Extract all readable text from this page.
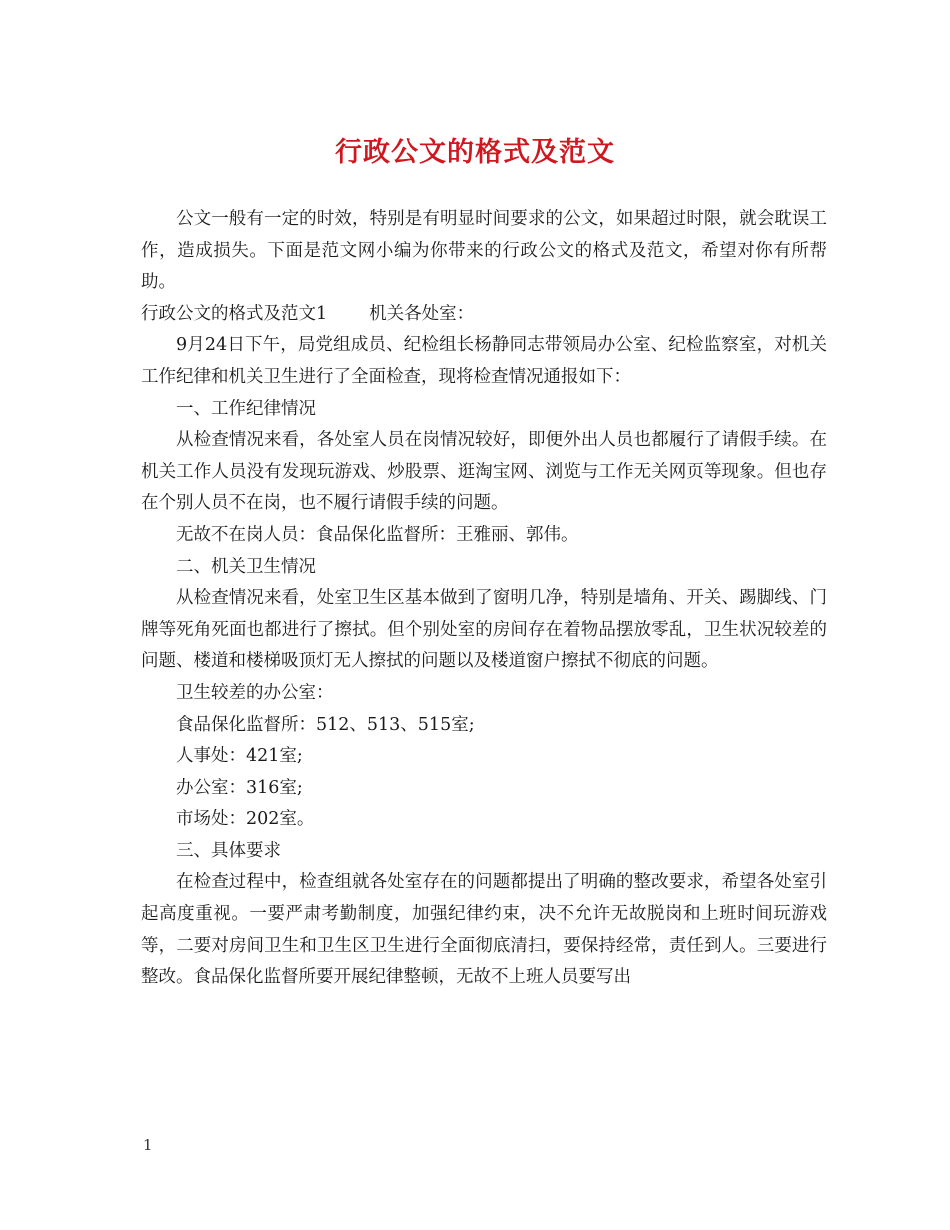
行政公文的格式及范文

公文一般有一定的时效，特别是有明显时间要求的公文，如果超过时限，就会耽误工作，造成损失。下面是范文网小编为你带来的行政公文的格式及范文，希望对你有所帮助。

行政公文的格式及范文1 机关各处室：

9月24日下午，局党组成员、纪检组长杨静同志带领局办公室、纪检监察室，对机关工作纪律和机关卫生进行了全面检查，现将检查情况通报如下：

一、工作纪律情况

从检查情况来看，各处室人员在岗情况较好，即便外出人员也都履行了请假手续。在机关工作人员没有发现玩游戏、炒股票、逛淘宝网、浏览与工作无关网页等现象。但也存在个别人员不在岗，也不履行请假手续的问题。

无故不在岗人员：食品保化监督所：王雅丽、郭伟。

二、机关卫生情况

从检查情况来看，处室卫生区基本做到了窗明几净，特别是墙角、开关、踢脚线、门牌等死角死面也都进行了擦拭。但个别处室的房间存在着物品摆放零乱，卫生状况较差的问题、楼道和楼梯吸顶灯无人擦拭的问题以及楼道窗户擦拭不彻底的问题。

卫生较差的办公室：

食品保化监督所：512、513、515室;

人事处：421室;

办公室：316室;

市场处：202室。

三、具体要求

在检查过程中，检查组就各处室存在的问题都提出了明确的整改要求，希望各处室引起高度重视。一要严肃考勤制度，加强纪律约束，决不允许无故脱岗和上班时间玩游戏等，二要对房间卫生和卫生区卫生进行全面彻底清扫，要保持经常，责任到人。三要进行整改。食品保化监督所要开展纪律整顿，无故不上班人员要写出

1
